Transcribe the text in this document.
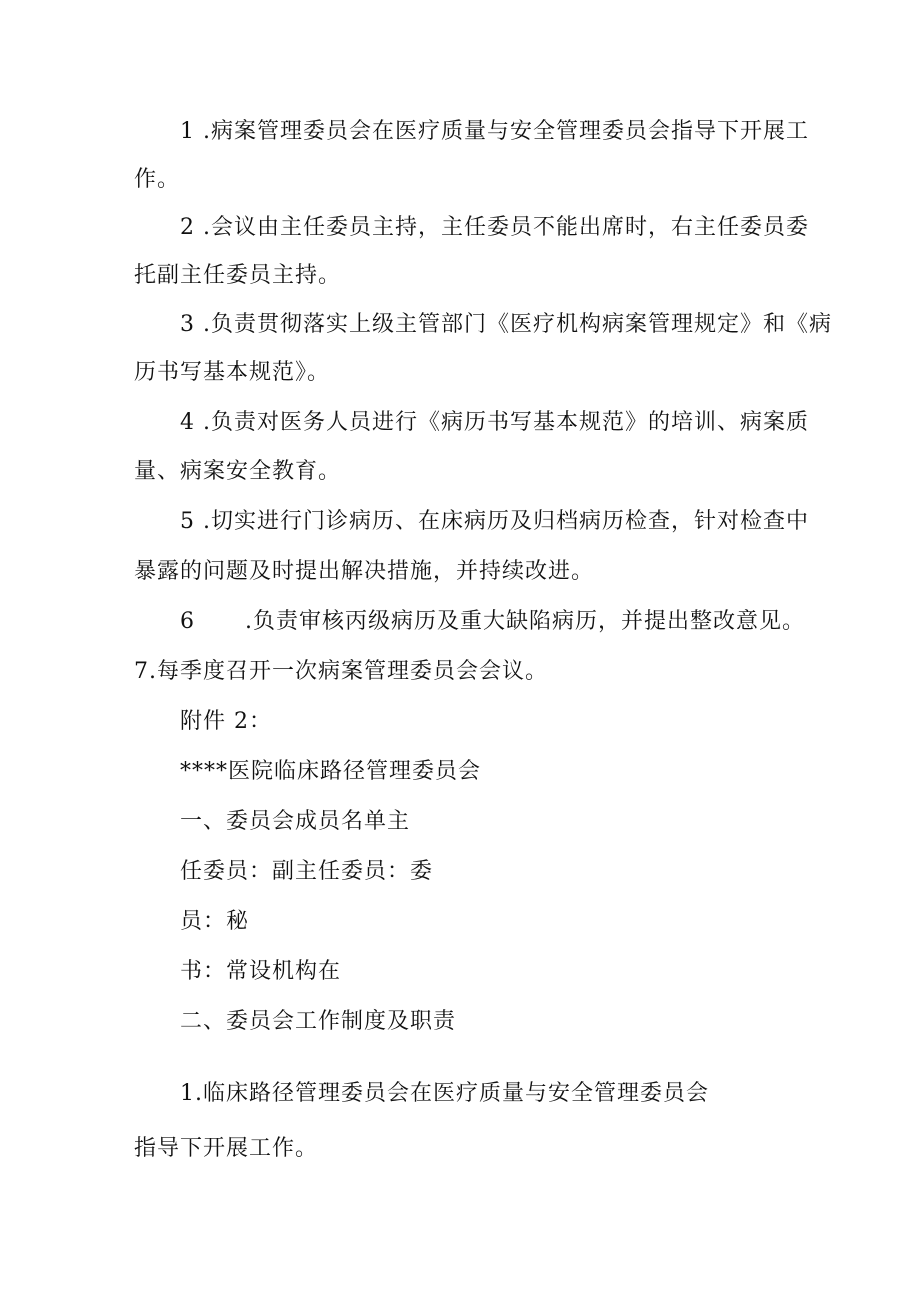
1 .病案管理委员会在医疗质量与安全管理委员会指导下开展工
作。
2 .会议由主任委员主持，主任委员不能出席时，右主任委员委
托副主任委员主持。
3 .负责贯彻落实上级主管部门《医疗机构病案管理规定》和《病
历书写基本规范》。
4 .负责对医务人员进行《病历书写基本规范》的培训、病案质
量、病案安全教育。
5 .切实进行门诊病历、在床病历及归档病历检查，针对检查中
暴露的问题及时提出解决措施，并持续改进。
6 .负责审核丙级病历及重大缺陷病历，并提出整改意见。
7.每季度召开一次病案管理委员会会议。
附件 2：
****医院临床路径管理委员会
一、委员会成员名单主
任委员：副主任委员：委
员：秘
书：常设机构在
二、委员会工作制度及职责
1.临床路径管理委员会在医疗质量与安全管理委员会
指导下开展工作。
